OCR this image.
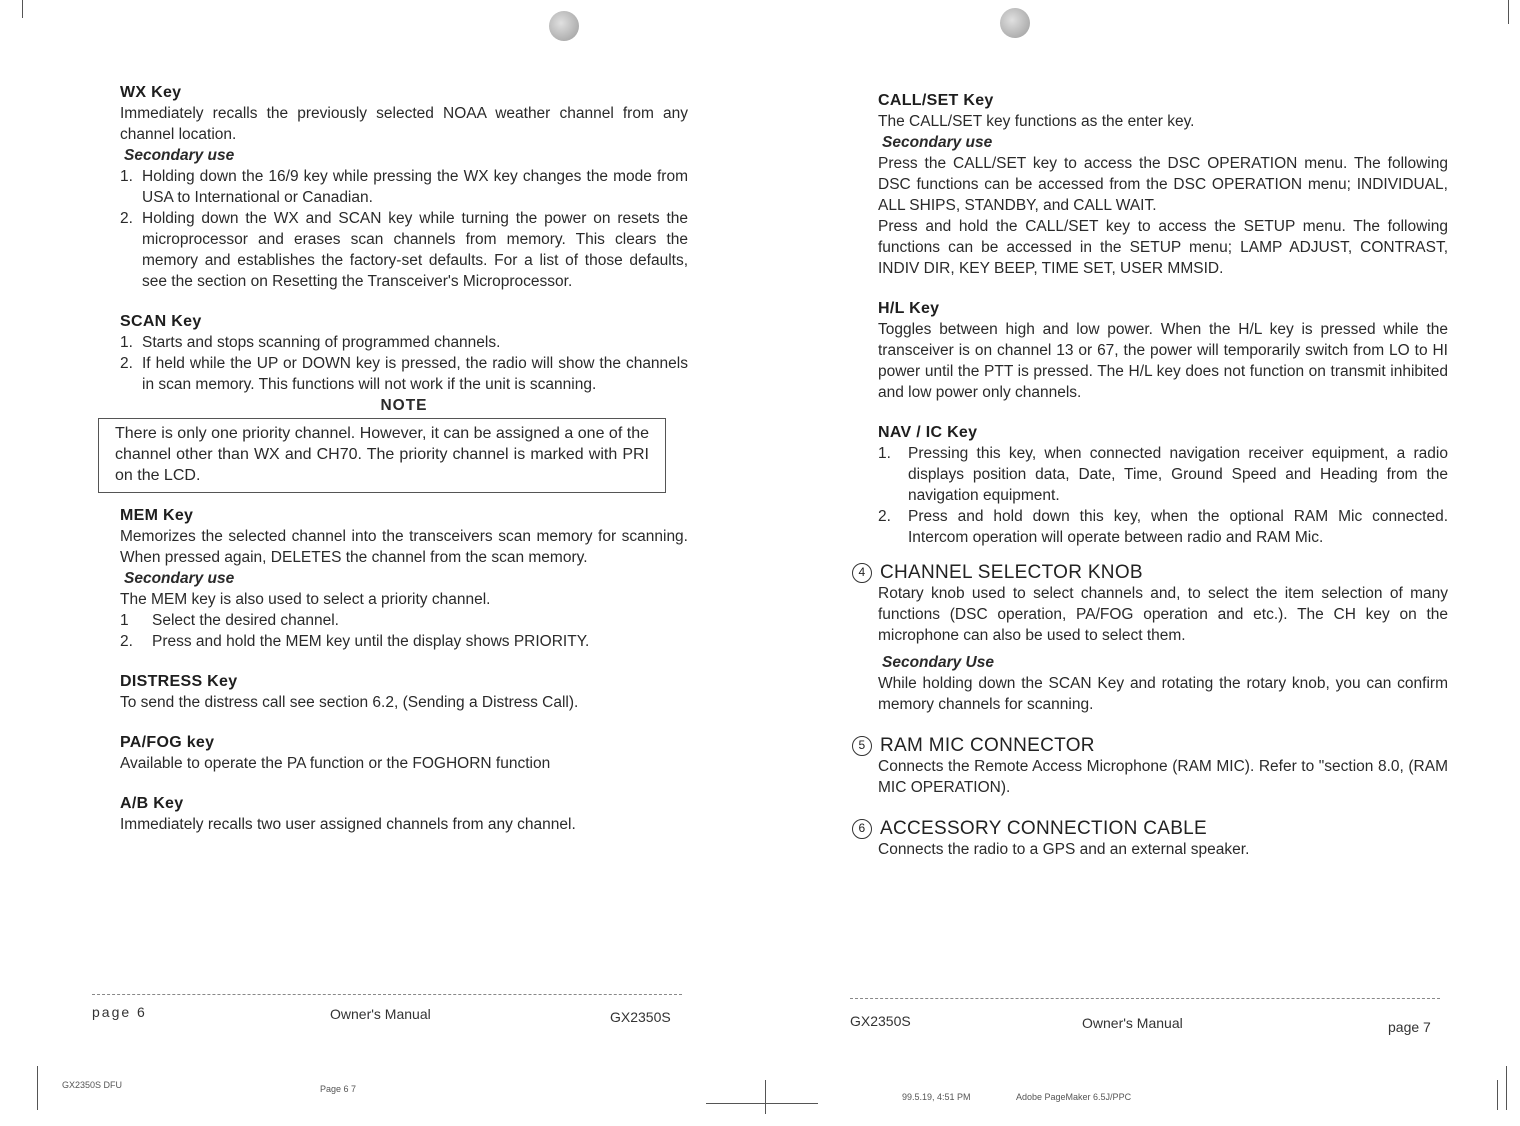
WX Key

Immediately recalls the previously selected NOAA weather channel from any channel location.

Secondary use
1. Holding down the 16/9 key while pressing the WX key changes the mode from USA to International or Canadian.
2. Holding down the WX and SCAN key while turning the power on resets the microprocessor and erases scan channels from memory. This clears the memory and establishes the factory-set defaults. For a list of those defaults, see the section on Resetting the Transceiver's Microprocessor.
SCAN Key
1. Starts and stops scanning of programmed channels.
2. If held while the UP or DOWN key is pressed, the radio will show the channels in scan memory. This functions will not work if the unit is scanning.
NOTE
There is only one priority channel. However, it can be assigned a one of the channel other than WX and CH70. The priority channel is marked with PRI on the LCD.
MEM Key

Memorizes the selected channel into the transceivers scan memory for scanning. When pressed again, DELETES the channel from the scan memory.

Secondary use

The MEM key is also used to select a priority channel.

1	Select the desired channel.
2.	Press and hold the MEM key until the display shows PRIORITY.
DISTRESS Key

To send the distress call see section 6.2, (Sending a Distress Call).

PA/FOG key

Available to operate the PA function or the FOGHORN function

A/B Key

Immediately recalls two user assigned channels from any channel.

page 6	Owner's Manual	GX2350S
CALL/SET Key

The CALL/SET key functions as the enter key.

Secondary use

Press the CALL/SET key to access the DSC OPERATION menu. The following DSC functions can be accessed from the DSC OPERATION menu; INDIVIDUAL, ALL SHIPS, STANDBY, and CALL WAIT.

Press and hold the CALL/SET key to access the SETUP menu. The following functions can be accessed in the SETUP menu; LAMP ADJUST, CONTRAST, INDIV DIR, KEY BEEP, TIME SET, USER MMSID.

H/L Key

Toggles between high and low power. When the H/L key is pressed while the transceiver is on channel 13 or 67, the power will temporarily switch from LO to HI power until the PTT is pressed. The H/L key does not function on transmit inhibited and low power only channels.

NAV / IC Key
1.	Pressing this key, when connected navigation receiver equipment, a radio displays position data, Date, Time, Ground Speed and Heading from the navigation equipment.
2.	Press and hold down this key, when the optional RAM Mic connected. Intercom operation will operate between radio and RAM Mic.
4 CHANNEL SELECTOR KNOB

Rotary knob used to select channels and, to select the item selection of many functions (DSC operation, PA/FOG operation and etc.). The CH key on the microphone can also be used to select them.

Secondary Use

While holding down the SCAN Key and rotating the rotary knob, you can confirm memory channels for scanning.

5 RAM MIC CONNECTOR

Connects the Remote Access Microphone (RAM MIC). Refer to "section 8.0, (RAM MIC OPERATION).

6 ACCESSORY CONNECTION CABLE

Connects the radio to a GPS and an external speaker.

GX2350S	Owner's Manual	page 7
GX2350S DFU	Page 6 7
99.5.19, 4:51 PM	Adobe PageMaker 6.5J/PPC
